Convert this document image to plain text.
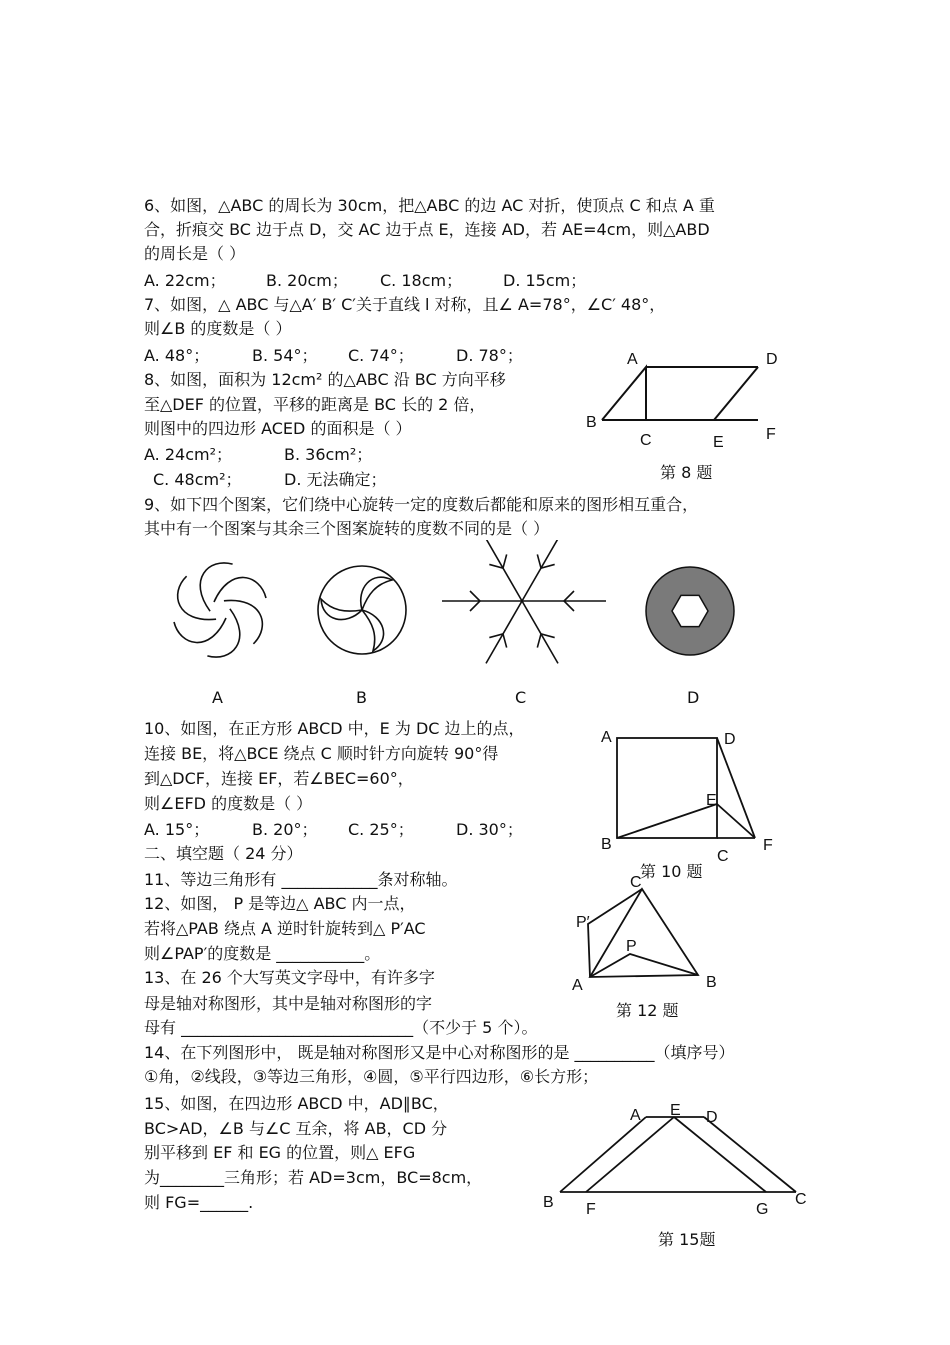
6、如图，△ABC 的周长为 30cm，把△ABC 的边 AC 对折，使顶点 C 和点 A 重
合，折痕交 BC 边于点 D，交 AC 边于点 E，连接 AD，若 AE=4cm，则△ABD
的周长是（ ）
A. 22cm；	B. 20cm； C. 18cm；	D. 15cm；
7、如图，△ ABC 与△A′ B′ C′关于直线 l 对称，且∠ A=78°，∠C′ 48°，
则∠B 的度数是（ ）
A. 48°；	B. 54°； C. 74°；	D. 78°；
8、如图，面积为 12cm² 的△ABC 沿 BC 方向平移
至△DEF 的位置，平移的距离是 BC 长的 2 倍，
则图中的四边形 ACED 的面积是（ ）
A. 24cm²；	B. 36cm²；
C. 48cm²；	D. 无法确定；
A	D
B
C	E	F
第 8 题
9、如下四个图案，它们绕中心旋转一定的度数后都能和原来的图形相互重合，
其中有一个图案与其余三个图案旋转的度数不同的是（ ）
A	B	C	D
10、如图，在正方形 ABCD 中，E 为 DC 边上的点，
连接 BE，将△BCE 绕点 C 顺时针方向旋转 90°得
到△DCF，连接 EF，若∠BEC=60°，
则∠EFD 的度数是（ ）
A. 15°；	B. 20°； C. 25°；	D. 30°；
A	D
E
B
C
F
第 10 题
二、填空题（ 24 分）
11、等边三角形有 ____________条对称轴。
12、如图， P 是等边△ ABC 内一点，
若将△PAB 绕点 A 逆时针旋转到△ P′AC
则∠PAP′的度数是 ___________。
C
P′
P
A	B
第 12 题
13、在 26 个大写英文字母中，有许多字
母是轴对称图形，其中是轴对称图形的字
母有 _____________________________（不少于 5 个）。
14、在下列图形中， 既是轴对称图形又是中心对称图形的是 __________（填序号）
①角，②线段，③等边三角形，④圆，⑤平行四边形，⑥长方形；
15、如图，在四边形 ABCD 中，AD∥BC，
BC>AD，∠B 与∠C 互余，将 AB，CD 分
别平移到 EF 和 EG 的位置，则△ EFG
为________三角形；若 AD=3cm，BC=8cm，
则 FG=______.
A E D
B F	G
C
第 15题
